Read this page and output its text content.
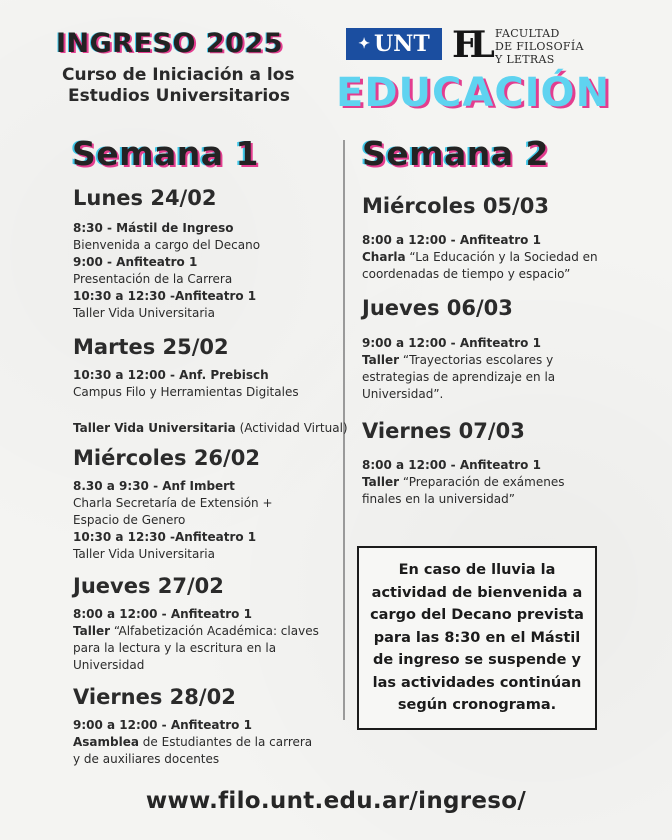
INGRESO 2025
Curso de Iniciación a los
Estudios Universitarios
✦ UNT FL FACULTAD
DE FILOSOFÍA
Y LETRAS
EDUCACIÓN
Semana 1	Semana 2
Lunes 24/02
8:30 - Mástil de Ingreso
Bienvenida a cargo del Decano
9:00 - Anfiteatro 1
Presentación de la Carrera
10:30 a 12:30 -Anfiteatro 1
Taller Vida Universitaria
Martes 25/02
10:30 a 12:00 - Anf. Prebisch
Campus Filo y Herramientas Digitales
Taller Vida Universitaria (Actividad Virtual)
Miércoles 26/02
8.30 a 9:30 - Anf Imbert
Charla Secretaría de Extensión +
Espacio de Genero
10:30 a 12:30 -Anfiteatro 1
Taller Vida Universitaria
Jueves 27/02
8:00 a 12:00 - Anfiteatro 1
Taller “Alfabetización Académica: claves
para la lectura y la escritura en la
Universidad
Viernes 28/02
9:00 a 12:00 - Anfiteatro 1
Asamblea de Estudiantes de la carrera
y de auxiliares docentes
Miércoles 05/03
8:00 a 12:00 - Anfiteatro 1
Charla “La Educación y la Sociedad en
coordenadas de tiempo y espacio”
Jueves 06/03
9:00 a 12:00 - Anfiteatro 1
Taller “Trayectorias escolares y
estrategias de aprendizaje en la
Universidad”.
Viernes 07/03
8:00 a 12:00 - Anfiteatro 1
Taller “Preparación de exámenes
finales en la universidad”
En caso de lluvia la
actividad de bienvenida a
cargo del Decano prevista
para las 8:30 en el Mástil
de ingreso se suspende y
las actividades continúan
según cronograma.
www.filo.unt.edu.ar/ingreso/
